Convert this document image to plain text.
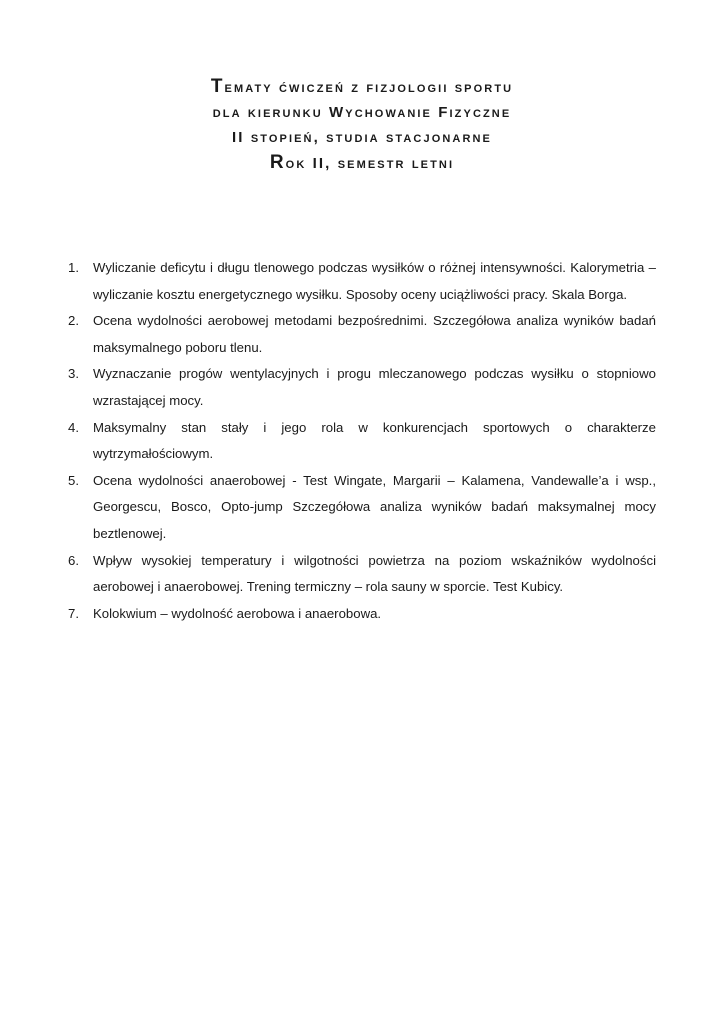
Tematy ćwiczeń z fizjologii sportu
dla kierunku Wychowanie Fizyczne
II stopień, studia stacjonarne
Rok II, semestr letni
1. Wyliczanie deficytu i długu tlenowego podczas wysiłków o różnej intensywności. Kalorymetria – wyliczanie kosztu energetycznego wysiłku. Sposoby oceny uciążliwości pracy. Skala Borga.
2. Ocena wydolności aerobowej metodami bezpośrednimi. Szczegółowa analiza wyników badań maksymalnego poboru tlenu.
3. Wyznaczanie progów wentylacyjnych i progu mleczanowego podczas wysiłku o stopniowo wzrastającej mocy.
4. Maksymalny stan stały i jego rola w konkurencjach sportowych o charakterze wytrzymałościowym.
5. Ocena wydolności anaerobowej - Test Wingate, Margarii – Kalamena, Vandewalle’a i wsp., Georgescu, Bosco, Opto-jump Szczegółowa analiza wyników badań maksymalnej mocy beztlenowej.
6. Wpływ wysokiej temperatury i wilgotności powietrza na poziom wskaźników wydolności aerobowej i anaerobowej. Trening termiczny – rola sauny w sporcie. Test Kubicy.
7. Kolokwium – wydolność aerobowa i anaerobowa.
